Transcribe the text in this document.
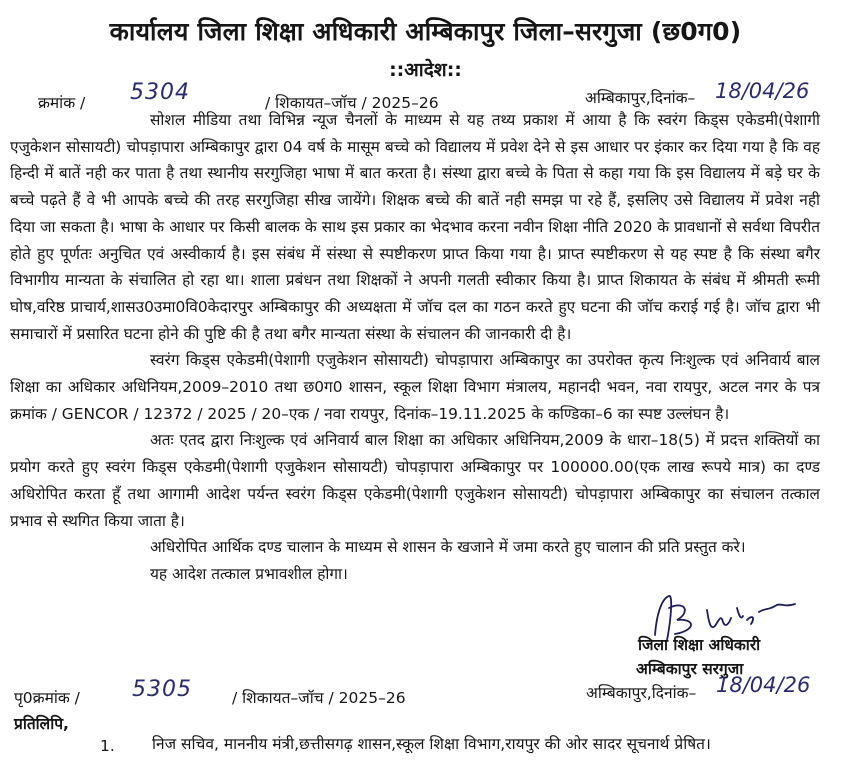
कार्यालय जिला शिक्षा अधिकारी अम्बिकापुर जिला–सरगुजा (छ0ग0)
::आदेश::
क्रमांक / 5304	/ शिकायत–जॉच / 2025–26	अम्बिकापुर,दिनांक– 18/04/26

सोशल मीडिया तथा विभिन्न न्यूज चैनलों के माध्यम से यह तथ्य प्रकाश में आया है कि स्वरंग किड्स एकेडमी(पेशागी एजुकेशन सोसायटी) चोपड़ापारा अम्बिकापुर द्वारा 04 वर्ष के मासूम बच्चे को विद्यालय में प्रवेश देने से इस आधार पर इंकार कर दिया गया है कि वह हिन्दी में बातें नही कर पाता है तथा स्थानीय सरगुजिहा भाषा में बात करता है। संस्था द्वारा बच्चे के पिता से कहा गया कि इस विद्यालय में बड़े घर के बच्चे पढ़ते हैं वे भी आपके बच्चे की तरह सरगुजिहा सीख जायेंगे। शिक्षक बच्चे की बातें नही समझ पा रहे हैं, इसलिए उसे विद्यालय में प्रवेश नही दिया जा सकता है। भाषा के आधार पर किसी बालक के साथ इस प्रकार का भेदभाव करना नवीन शिक्षा नीति 2020 के प्रावधानों से सर्वथा विपरीत होते हुए पूर्णतः अनुचित एवं अस्वीकार्य है। इस संबंध में संस्था से स्पष्टीकरण प्राप्त किया गया है। प्राप्त स्पष्टीकरण से यह स्पष्ट है कि संस्था बगैर विभागीय मान्यता के संचालित हो रहा था। शाला प्रबंधन तथा शिक्षकों ने अपनी गलती स्वीकार किया है। प्राप्त शिकायत के संबंध में श्रीमती रूमी घोष,वरिष्ठ प्राचार्य,शासउ0उमा0वि0केदारपुर अम्बिकापुर की अध्यक्षता में जॉच दल का गठन करते हुए घटना की जॉच कराई गई है। जॉच द्वारा भी समाचारों में प्रसारित घटना होने की पुष्टि की है तथा बगैर मान्यता संस्था के संचालन की जानकारी दी है।

स्वरंग किड्स एकेडमी(पेशागी एजुकेशन सोसायटी) चोपड़ापारा अम्बिकापुर का उपरोक्त कृत्य निःशुल्क एवं अनिवार्य बाल शिक्षा का अधिकार अधिनियम,2009–2010 तथा छ0ग0 शासन, स्कूल शिक्षा विभाग मंत्रालय, महानदी भवन, नवा रायपुर, अटल नगर के पत्र क्रमांक / GENCOR / 12372 / 2025 / 20–एक / नवा रायपुर, दिनांक–19.11.2025 के कण्डिका–6 का स्पष्ट उल्लंघन है।

अतः एतद द्वारा निःशुल्क एवं अनिवार्य बाल शिक्षा का अधिकार अधिनियम,2009 के धारा–18(5) में प्रदत्त शक्तियों का प्रयोग करते हुए स्वरंग किड्स एकेडमी(पेशागी एजुकेशन सोसायटी) चोपड़ापारा अम्बिकापुर पर 100000.00(एक लाख रूपये मात्र) का दण्ड अधिरोपित करता हूँ तथा आगामी आदेश पर्यन्त स्वरंग किड्स एकेडमी(पेशागी एजुकेशन सोसायटी) चोपड़ापारा अम्बिकापुर का संचालन तत्काल प्रभाव से स्थगित किया जाता है।

अधिरोपित आर्थिक दण्ड चालान के माध्यम से शासन के खजाने में जमा करते हुए चालान की प्रति प्रस्तुत करे।

यह आदेश तत्काल प्रभावशील होगा।

जिला शिक्षा अधिकारी
अम्बिकापुर सरगुजा
पृ0क्रमांक / 5305	/ शिकायत–जॉच / 2025–26	अम्बिकापुर,दिनांक– 18/04/26
प्रतिलिपि,
1. निज सचिव, माननीय मंत्री,छत्तीसगढ़ शासन,स्कूल शिक्षा विभाग,रायपुर की ओर सादर सूचनार्थ प्रेषित।
